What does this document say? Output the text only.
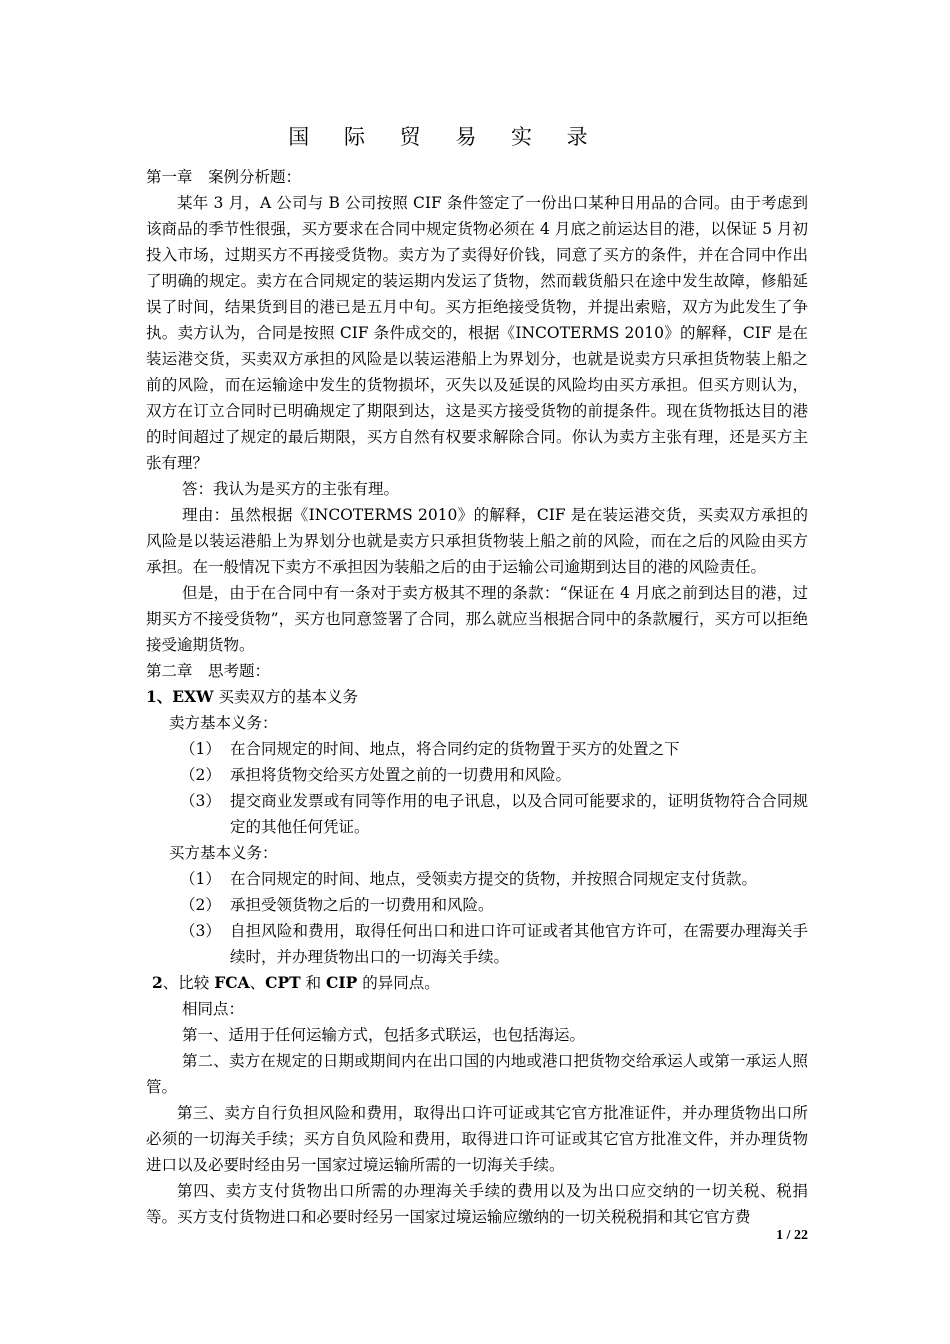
国 际 贸 易 实 录

第一章　案例分析题：

某年 3 月，A 公司与 B 公司按照 CIF 条件签定了一份出口某种日用品的合同。由于考虑到该商品的季节性很强，买方要求在合同中规定货物必须在 4 月底之前运达目的港，以保证 5 月初投入市场，过期买方不再接受货物。卖方为了卖得好价钱，同意了买方的条件，并在合同中作出了明确的规定。卖方在合同规定的装运期内发运了货物，然而载货船只在途中发生故障，修船延误了时间，结果货到目的港已是五月中旬。买方拒绝接受货物，并提出索赔，双方为此发生了争执。卖方认为，合同是按照 CIF 条件成交的，根据《INCOTERMS 2010》的解释，CIF 是在装运港交货，买卖双方承担的风险是以装运港船上为界划分，也就是说卖方只承担货物装上船之前的风险，而在运输途中发生的货物损坏，灭失以及延误的风险均由买方承担。但买方则认为，双方在订立合同时已明确规定了期限到达，这是买方接受货物的前提条件。现在货物抵达目的港的时间超过了规定的最后期限，买方自然有权要求解除合同。你认为卖方主张有理，还是买方主张有理？

答：我认为是买方的主张有理。

理由：虽然根据《INCOTERMS 2010》的解释，CIF 是在装运港交货，买卖双方承担的风险是以装运港船上为界划分也就是卖方只承担货物装上船之前的风险，而在之后的风险由买方承担。在一般情况下卖方不承担因为装船之后的由于运输公司逾期到达目的港的风险责任。

但是，由于在合同中有一条对于卖方极其不理的条款：“保证在 4 月底之前到达目的港，过期买方不接受货物”，买方也同意签署了合同，那么就应当根据合同中的条款履行，买方可以拒绝接受逾期货物。

第二章　思考题：

1、EXW 买卖双方的基本义务

卖方基本义务：

（1） 在合同规定的时间、地点，将合同约定的货物置于买方的处置之下
（2） 承担将货物交给买方处置之前的一切费用和风险。
（3） 提交商业发票或有同等作用的电子讯息，以及合同可能要求的，证明货物符合合同规定的其他任何凭证。

买方基本义务：

（1） 在合同规定的时间、地点，受领卖方提交的货物，并按照合同规定支付货款。
（2） 承担受领货物之后的一切费用和风险。
（3） 自担风险和费用，取得任何出口和进口许可证或者其他官方许可，在需要办理海关手续时，并办理货物出口的一切海关手续。

2、比较 FCA、CPT 和 CIP 的异同点。

相同点：

第一、适用于任何运输方式，包括多式联运，也包括海运。

第二、卖方在规定的日期或期间内在出口国的内地或港口把货物交给承运人或第一承运人照管。

第三、卖方自行负担风险和费用，取得出口许可证或其它官方批准证件，并办理货物出口所必须的一切海关手续；买方自负风险和费用，取得进口许可证或其它官方批准文件，并办理货物进口以及必要时经由另一国家过境运输所需的一切海关手续。

第四、卖方支付货物出口所需的办理海关手续的费用以及为出口应交纳的一切关税、税捐等。买方支付货物进口和必要时经另一国家过境运输应缴纳的一切关税税捐和其它官方费

1 / 22
